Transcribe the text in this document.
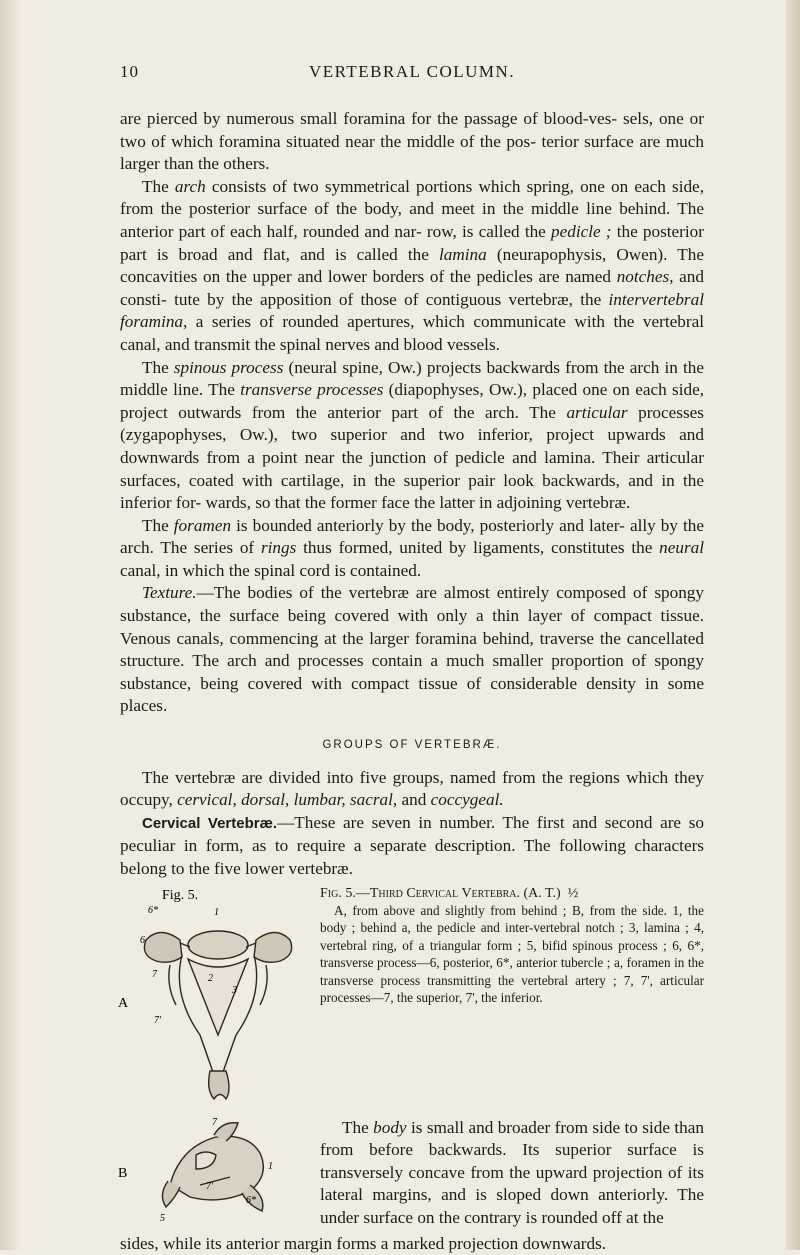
10	VERTEBRAL COLUMN.

are pierced by numerous small foramina for the passage of blood-ves- sels, one or two of which foramina situated near the middle of the pos- terior surface are much larger than the others.

The arch consists of two symmetrical portions which spring, one on each side, from the posterior surface of the body, and meet in the middle line behind. The anterior part of each half, rounded and nar- row, is called the pedicle ; the posterior part is broad and flat, and is called the lamina (neurapophysis, Owen). The concavities on the upper and lower borders of the pedicles are named notches, and consti- tute by the apposition of those of contiguous vertebræ, the intervertebral foramina, a series of rounded apertures, which communicate with the vertebral canal, and transmit the spinal nerves and blood vessels.

The spinous process (neural spine, Ow.) projects backwards from the arch in the middle line. The transverse processes (diapophyses, Ow.), placed one on each side, project outwards from the anterior part of the arch. The articular processes (zygapophyses, Ow.), two superior and two inferior, project upwards and downwards from a point near the junction of pedicle and lamina. Their articular surfaces, coated with cartilage, in the superior pair look backwards, and in the inferior for- wards, so that the former face the latter in adjoining vertebræ.

The foramen is bounded anteriorly by the body, posteriorly and later- ally by the arch. The series of rings thus formed, united by ligaments, constitutes the neural canal, in which the spinal cord is contained.

Texture.—The bodies of the vertebræ are almost entirely composed of spongy substance, the surface being covered with only a thin layer of compact tissue. Venous canals, commencing at the larger foramina behind, traverse the cancellated structure. The arch and processes contain a much smaller proportion of spongy substance, being covered with compact tissue of considerable density in some places.

GROUPS OF VERTEBRÆ.

The vertebræ are divided into five groups, named from the regions which they occupy, cervical, dorsal, lumbar, sacral, and coccygeal.

Cervical Vertebræ.—These are seven in number. The first and second are so peculiar in form, as to require a separate description. The following characters belong to the five lower vertebræ.

Fig. 5.
A
6*	1
6
7	2
3
7'
B
7
1
7'
6*
5
Fig. 5.—Third Cervical Vertebra. (A. T.) ½
A, from above and slightly from behind ; B, from the side. 1, the body ; behind a, the pedicle and inter-vertebral notch ; 3, lamina ; 4, vertebral ring, of a triangular form ; 5, bifid spinous process ; 6, 6*, transverse process—6, posterior, 6*, anterior tubercle ; a, foramen in the transverse process transmitting the vertebral artery ; 7, 7', articular processes—7, the superior, 7', the inferior.
The body is small and broader from side to side than from before backwards. Its superior surface is transversely concave from the upward projection of its lateral margins, and is sloped down anteriorly. The under surface on the contrary is rounded off at the
sides, while its anterior margin forms a marked projection downwards.
